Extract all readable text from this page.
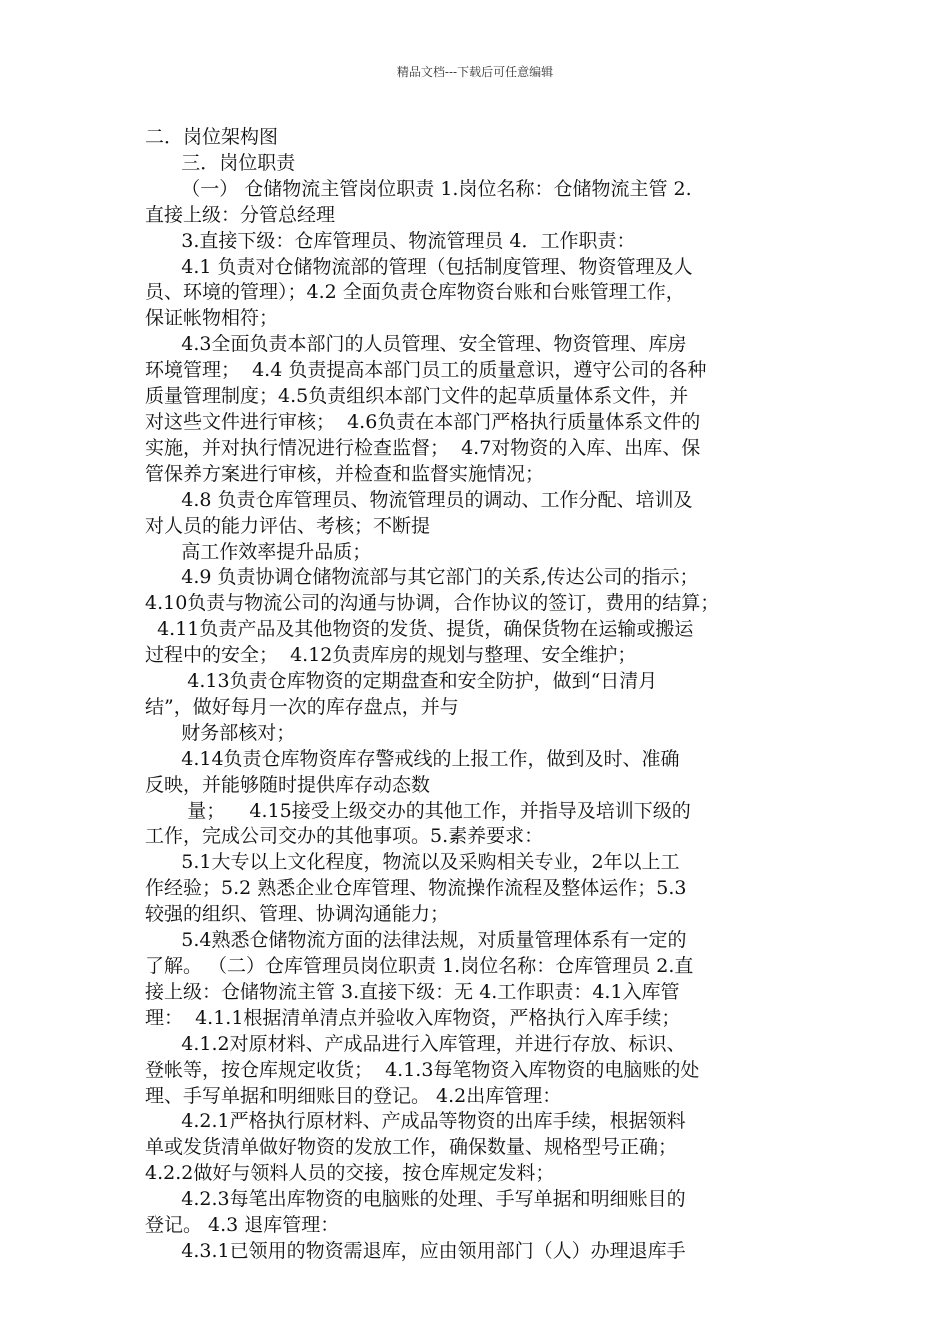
精品文档---下载后可任意编辑
二．岗位架构图
三．岗位职责
（一） 仓储物流主管岗位职责 1.岗位名称：仓储物流主管 2.
直接上级：分管总经理
3.直接下级：仓库管理员、物流管理员 4．工作职责：
4.1 负责对仓储物流部的管理（包括制度管理、物资管理及人
员、环境的管理）；4.2 全面负责仓库物资台账和台账管理工作，
保证帐物相符；
4.3全面负责本部门的人员管理、安全管理、物资管理、库房
环境管理；  4.4 负责提高本部门员工的质量意识，遵守公司的各种
质量管理制度；4.5负责组织本部门文件的起草质量体系文件，并
对这些文件进行审核；  4.6负责在本部门严格执行质量体系文件的
实施，并对执行情况进行检查监督；  4.7对物资的入库、出库、保
管保养方案进行审核，并检查和监督实施情况；
4.8 负责仓库管理员、物流管理员的调动、工作分配、培训及
对人员的能力评估、考核；不断提
高工作效率提升品质；
4.9 负责协调仓储物流部与其它部门的关系,传达公司的指示；
4.10负责与物流公司的沟通与协调，合作协议的签订，费用的结算；
4.11负责产品及其他物资的发货、提货，确保货物在运输或搬运
过程中的安全；  4.12负责库房的规划与整理、安全维护；
4.13负责仓库物资的定期盘查和安全防护，做到“日清月
结”，做好每月一次的库存盘点，并与
财务部核对；
4.14负责仓库物资库存警戒线的上报工作，做到及时、准确
反映，并能够随时提供库存动态数
量；    4.15接受上级交办的其他工作，并指导及培训下级的
工作，完成公司交办的其他事项。5.素养要求：
5.1大专以上文化程度，物流以及采购相关专业，2年以上工
作经验；5.2 熟悉企业仓库管理、物流操作流程及整体运作；5.3
较强的组织、管理、协调沟通能力；
5.4熟悉仓储物流方面的法律法规，对质量管理体系有一定的
了解。 （二）仓库管理员岗位职责 1.岗位名称：仓库管理员 2.直
接上级：仓储物流主管 3.直接下级：无 4.工作职责：4.1入库管
理：  4.1.1根据清单清点并验收入库物资，严格执行入库手续；
4.1.2对原材料、产成品进行入库管理，并进行存放、标识、
登帐等，按仓库规定收货；  4.1.3每笔物资入库物资的电脑账的处
理、手写单据和明细账目的登记。 4.2出库管理：
4.2.1严格执行原材料、产成品等物资的出库手续，根据领料
单或发货清单做好物资的发放工作，确保数量、规格型号正确；
4.2.2做好与领料人员的交接，按仓库规定发料；
4.2.3每笔出库物资的电脑账的处理、手写单据和明细账目的
登记。 4.3 退库管理：
4.3.1已领用的物资需退库，应由领用部门（人）办理退库手
